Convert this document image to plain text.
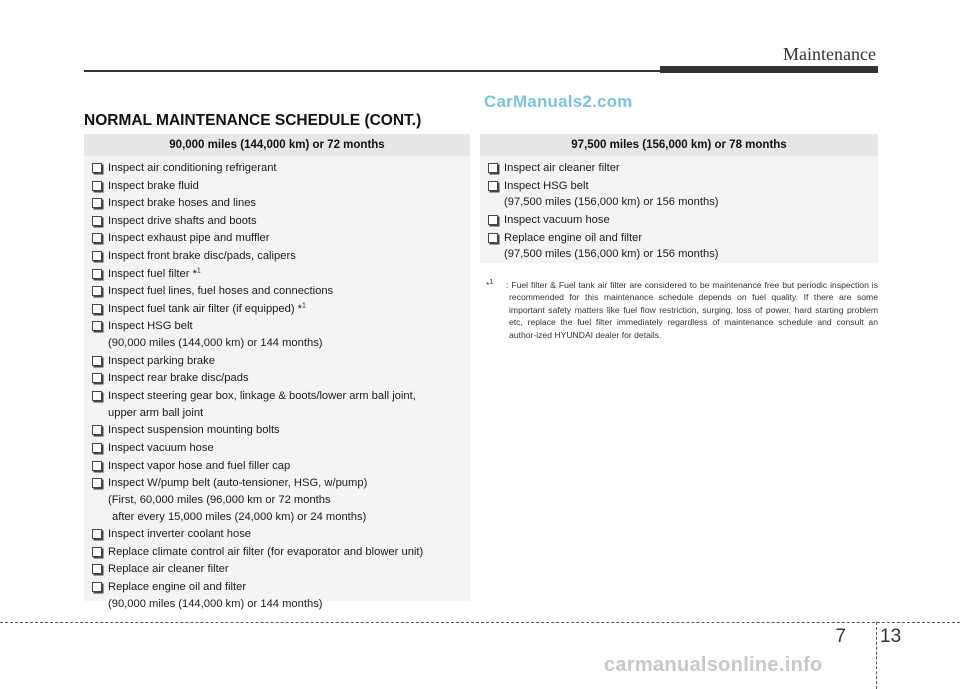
Maintenance
CarManuals2.com
NORMAL MAINTENANCE SCHEDULE (CONT.)
90,000 miles (144,000 km) or 72 months
Inspect air conditioning refrigerant
Inspect brake fluid
Inspect brake hoses and lines
Inspect drive shafts and boots
Inspect exhaust pipe and muffler
Inspect front brake disc/pads, calipers
Inspect fuel filter *$^1$
Inspect fuel lines, fuel hoses and connections
Inspect fuel tank air filter (if equipped) *$^1$
Inspect HSG belt
(90,000 miles (144,000 km) or 144 months)
Inspect parking brake
Inspect rear brake disc/pads
Inspect steering gear box, linkage & boots/lower arm ball joint,
upper arm ball joint
Inspect suspension mounting bolts
Inspect vacuum hose
Inspect vapor hose and fuel filler cap
Inspect W/pump belt (auto-tensioner, HSG, w/pump)
(First, 60,000 miles (96,000 km or 72 months
after every 15,000 miles (24,000 km) or 24 months)
Inspect inverter coolant hose
Replace climate control air filter (for evaporator and blower unit)
Replace air cleaner filter
Replace engine oil and filter
(90,000 miles (144,000 km) or 144 months)
97,500 miles (156,000 km) or 78 months
Inspect air cleaner filter
Inspect HSG belt
(97,500 miles (156,000 km) or 156 months)
Inspect vacuum hose
Replace engine oil and filter
(97,500 miles (156,000 km) or 156 months)
*$^1$	: Fuel filter & Fuel tank air filter are considered to be maintenance free but periodic inspection is recommended for this maintenance schedule depends on fuel quality. If there are some important safety matters like fuel flow restriction, surging, loss of power, hard starting problem etc, replace the fuel filter immediately regardless of maintenance schedule and consult an author-ized HYUNDAI dealer for details.
7 13
carmanualsonline.info
